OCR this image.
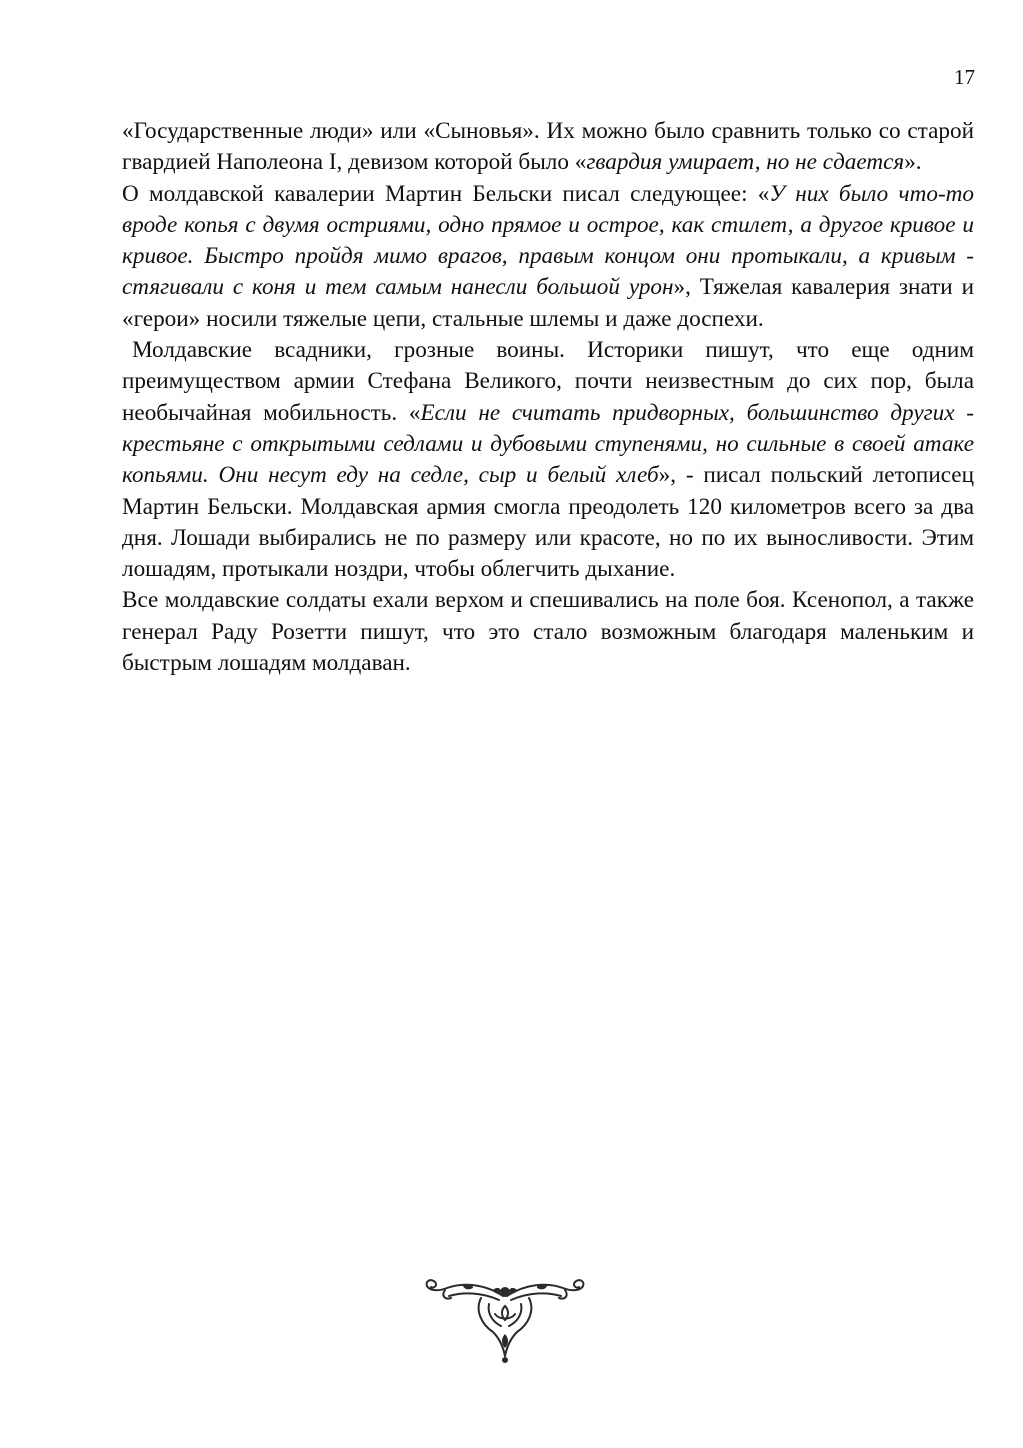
17

«Государственные люди» или «Сыновья». Их можно было сравнить только со старой гвардией Наполеона I, девизом которой было «гвардия умирает, но не сдается».

О молдавской кавалерии Мартин Бельски писал следующее: «У них было что-то вроде копья с двумя остриями, одно прямое и острое, как стилет, а другое кривое и кривое. Быстро пройдя мимо врагов, правым концом они протыкали, а кривым - стягивали с коня и тем самым нанесли большой урон», Тяжелая кавалерия знати и «герои» носили тяжелые цепи, стальные шлемы и даже доспехи.

Молдавские всадники, грозные воины. Историки пишут, что еще одним преимуществом армии Стефана Великого, почти неизвестным до сих пор, была необычайная мобильность. «Если не считать придворных, большинство других - крестьяне с открытыми седлами и дубовыми ступенями, но сильные в своей атаке копьями. Они несут еду на седле, сыр и белый хлеб», - писал польский летописец Мартин Бельски. Молдавская армия смогла преодолеть 120 километров всего за два дня. Лошади выбирались не по размеру или красоте, но по их выносливости. Этим лошадям, протыкали ноздри, чтобы облегчить дыхание.

Все молдавские солдаты ехали верхом и спешивались на поле боя. Ксенопол, а также генерал Раду Розетти пишут, что это стало возможным благодаря маленьким и быстрым лошадям молдаван.
